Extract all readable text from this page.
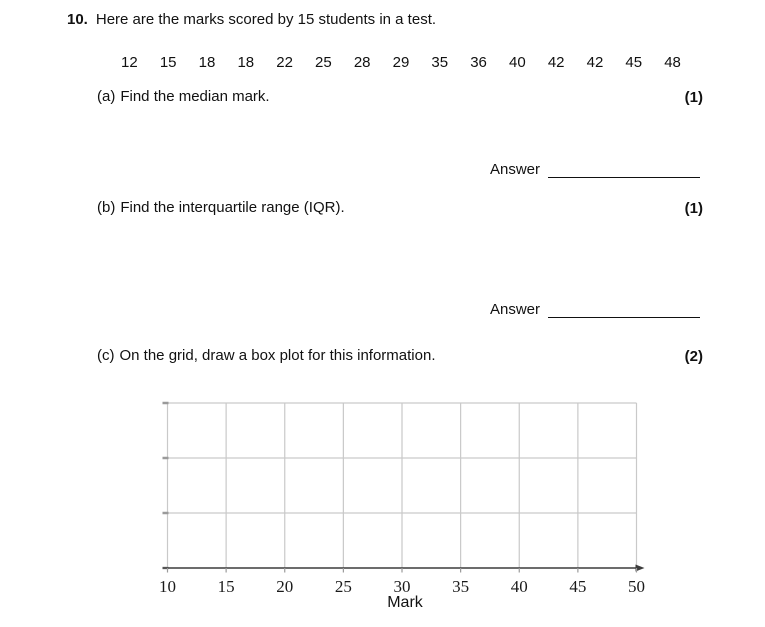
10. Here are the marks scored by 15 students in a test.
12	15	18	18	22	25	28	29	35	36	40	42	42	45	48
(a) Find the median mark.	(1)
Answer
(b) Find the interquartile range (IQR).	(1)
Answer
(c) On the grid, draw a box plot for this information.	(2)
10 15 20 25 30 35 40 45 50
Mark
